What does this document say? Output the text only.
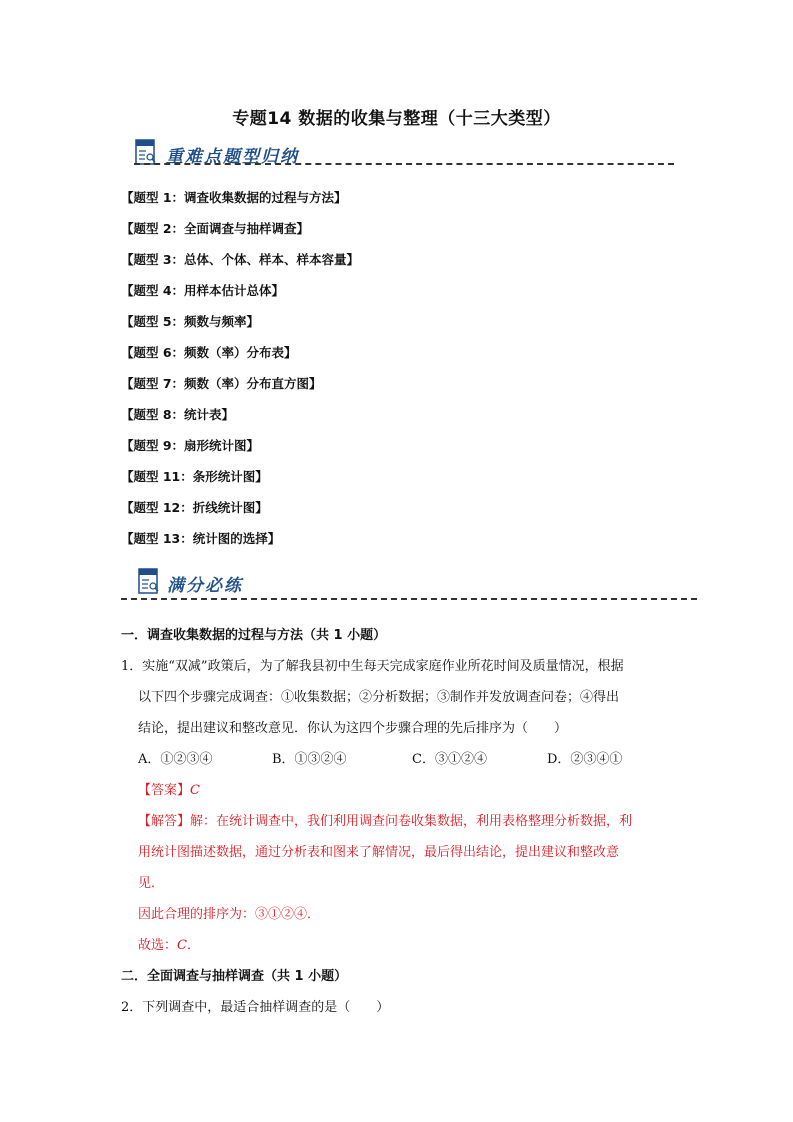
专题14 数据的收集与整理（十三大类型）
重难点题型归纳
【题型 1：调查收集数据的过程与方法】
【题型 2：全面调查与抽样调查】
【题型 3：总体、个体、样本、样本容量】
【题型 4：用样本估计总体】
【题型 5：频数与频率】
【题型 6：频数（率）分布表】
【题型 7：频数（率）分布直方图】
【题型 8：统计表】
【题型 9：扇形统计图】
【题型 11：条形统计图】
【题型 12：折线统计图】
【题型 13：统计图的选择】
满分必练
一．调查收集数据的过程与方法（共 1 小题）
1．实施“双减”政策后，为了解我县初中生每天完成家庭作业所花时间及质量情况，根据
以下四个步骤完成调查：①收集数据；②分析数据；③制作并发放调查问卷；④得出
结论，提出建议和整改意见．你认为这四个步骤合理的先后排序为（　　）
A．①②③④	B．①③②④	C．③①②④	D．②③④①
【答案】C
【解答】解：在统计调查中，我们利用调查问卷收集数据，利用表格整理分析数据，利
用统计图描述数据，通过分析表和图来了解情况，最后得出结论，提出建议和整改意
见．
因此合理的排序为：③①②④．
故选：C．
二．全面调查与抽样调查（共 1 小题）
2．下列调查中，最适合抽样调查的是（　　）
